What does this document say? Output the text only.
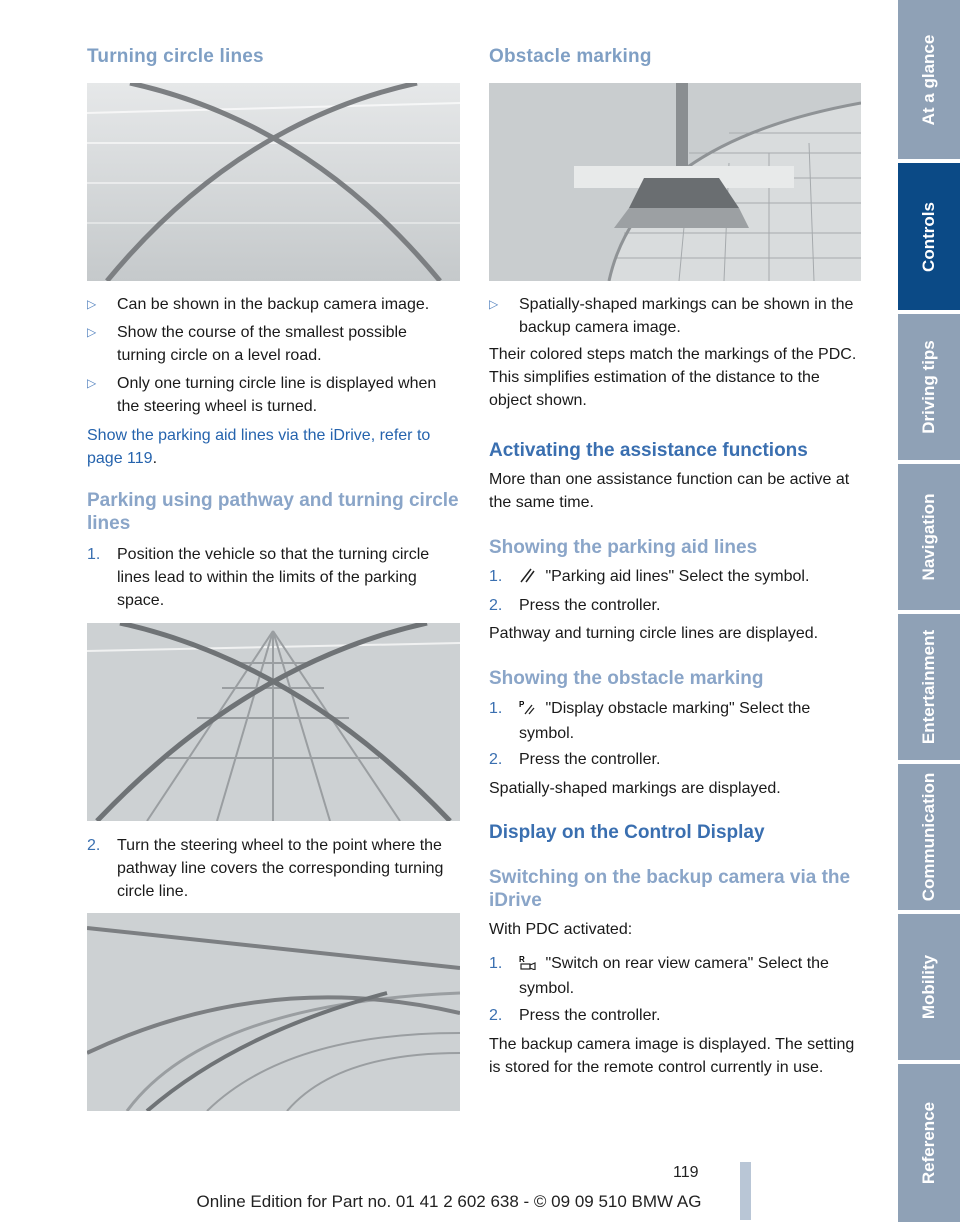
Turning circle lines
▷ Can be shown in the backup camera image.
▷ Show the course of the smallest possible turning circle on a level road.
▷ Only one turning circle line is displayed when the steering wheel is turned.
Show the parking aid lines via the iDrive, refer to page 119.
Parking using pathway and turning circle lines
1. Position the vehicle so that the turning circle lines lead to within the limits of the parking space.
2. Turn the steering wheel to the point where the pathway line covers the corresponding turning circle line.
Obstacle marking
▷ Spatially-shaped markings can be shown in the backup camera image.
Their colored steps match the markings of the PDC. This simplifies estimation of the distance to the object shown.
Activating the assistance functions
More than one assistance function can be active at the same time.
Showing the parking aid lines
1.	"Parking aid lines" Select the symbol.
2. Press the controller.
Pathway and turning circle lines are displayed.
Showing the obstacle marking
1. P "Display obstacle marking" Select the symbol.
2. Press the controller.
Spatially-shaped markings are displayed.
Display on the Control Display
Switching on the backup camera via the iDrive
With PDC activated:
1. R "Switch on rear view camera" Select the symbol.
2. Press the controller.
The backup camera image is displayed. The setting is stored for the remote control currently in use.
At a glance
Controls
Driving tips
Navigation
Entertainment
Communication
Mobility
Reference
119
Online Edition for Part no. 01 41 2 602 638 - © 09 09 510 BMW AG
